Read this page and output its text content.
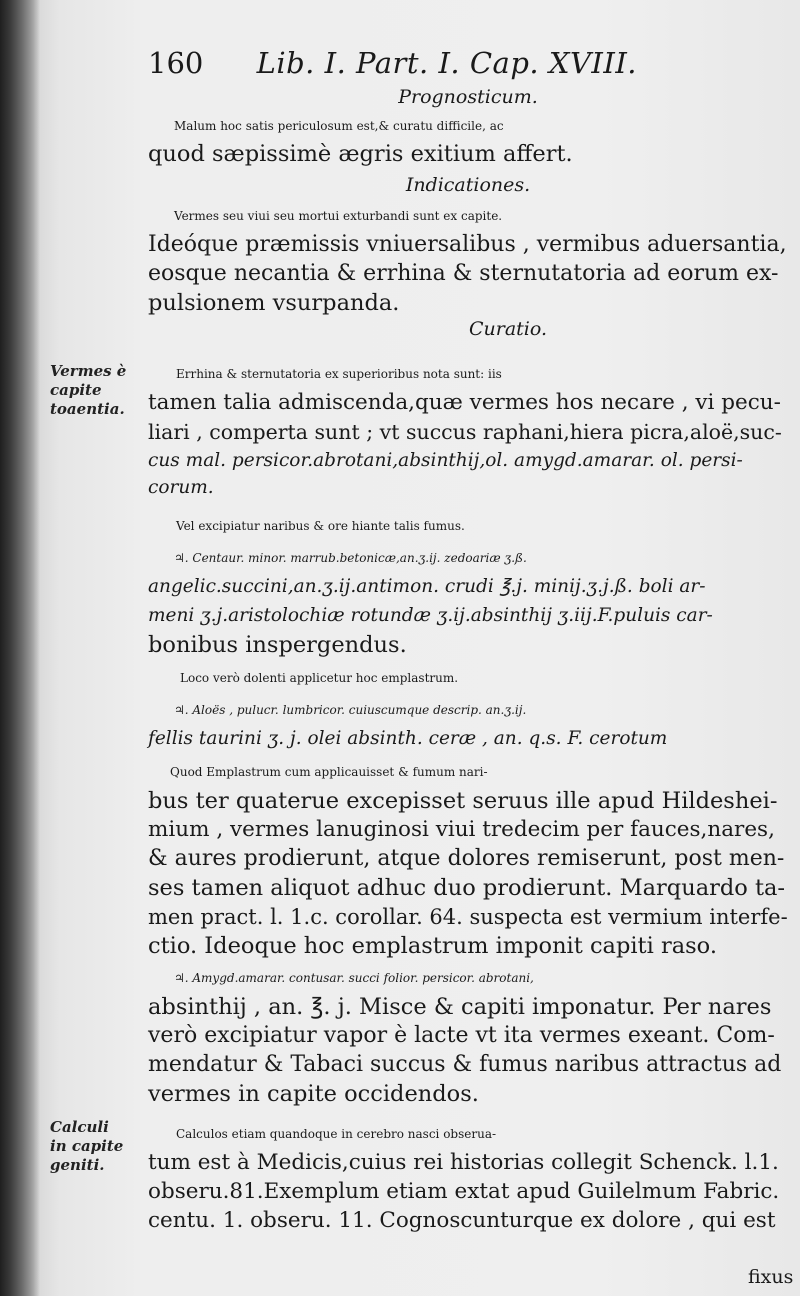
160 Lib. I. Part. I. Cap. XVIII.
Prognosticum.
Malum hoc satis periculosum est,& curatu difficile, ac
quod sæpissimè ægris exitium affert.
Indicationes.
Vermes seu viui seu mortui exturbandi sunt ex capite.
Ideóque præmissis vniuersalibus , vermibus aduersantia,
eosque necantia & errhina & sternutatoria ad eorum ex-
pulsionem vsurpanda.
Curatio.
Vermes è
capite
toaentia.
Errhina & sternutatoria ex superioribus nota sunt: iis
tamen talia admiscenda,quæ vermes hos necare , vi pecu-
liari , comperta sunt ; vt succus raphani,hiera picra,aloë,suc-
cus mal. persicor.abrotani,absinthij,ol. amygd.amarar. ol. persi-
corum.
Vel excipiatur naribus & ore hiante talis fumus.
♃. Centaur. minor. marrub.betonicæ,an.ʒ.ij. zedoariæ ʒ.ß.
angelic.succini,an.ʒ.ij.antimon. crudi ℥.j. minij.ʒ.j.ß. boli ar-
meni ʒ.j.aristolochiæ rotundæ ʒ.ij.absinthij ʒ.iij.F.puluis car-
bonibus inspergendus.
Loco verò dolenti applicetur hoc emplastrum.
♃. Aloës , pulucr. lumbricor. cuiuscumque descrip. an.ʒ.ij.
fellis taurini ʒ. j. olei absinth. ceræ , an. q.s. F. cerotum
Quod Emplastrum cum applicauisset & fumum nari-
bus ter quaterue excepisset seruus ille apud Hildeshei-
mium , vermes lanuginosi viui tredecim per fauces,nares,
& aures prodierunt, atque dolores remiserunt, post men-
ses tamen aliquot adhuc duo prodierunt. Marquardo ta-
men pract. l. 1.c. corollar. 64. suspecta est vermium interfe-
ctio. Ideoque hoc emplastrum imponit capiti raso.
♃. Amygd.amarar. contusar. succi folior. persicor. abrotani,
absinthij , an. ℥. j. Misce & capiti imponatur. Per nares
verò excipiatur vapor è lacte vt ita vermes exeant. Com-
mendatur & Tabaci succus & fumus naribus attractus ad
vermes in capite occidendos.
Calculi
in capite
geniti.
Calculos etiam quandoque in cerebro nasci obserua-
tum est à Medicis,cuius rei historias collegit Schenck. l.1.
obseru.81.Exemplum etiam extat apud Guilelmum Fabric.
centu. 1. obseru. 11. Cognoscunturque ex dolore , qui est
fixus
